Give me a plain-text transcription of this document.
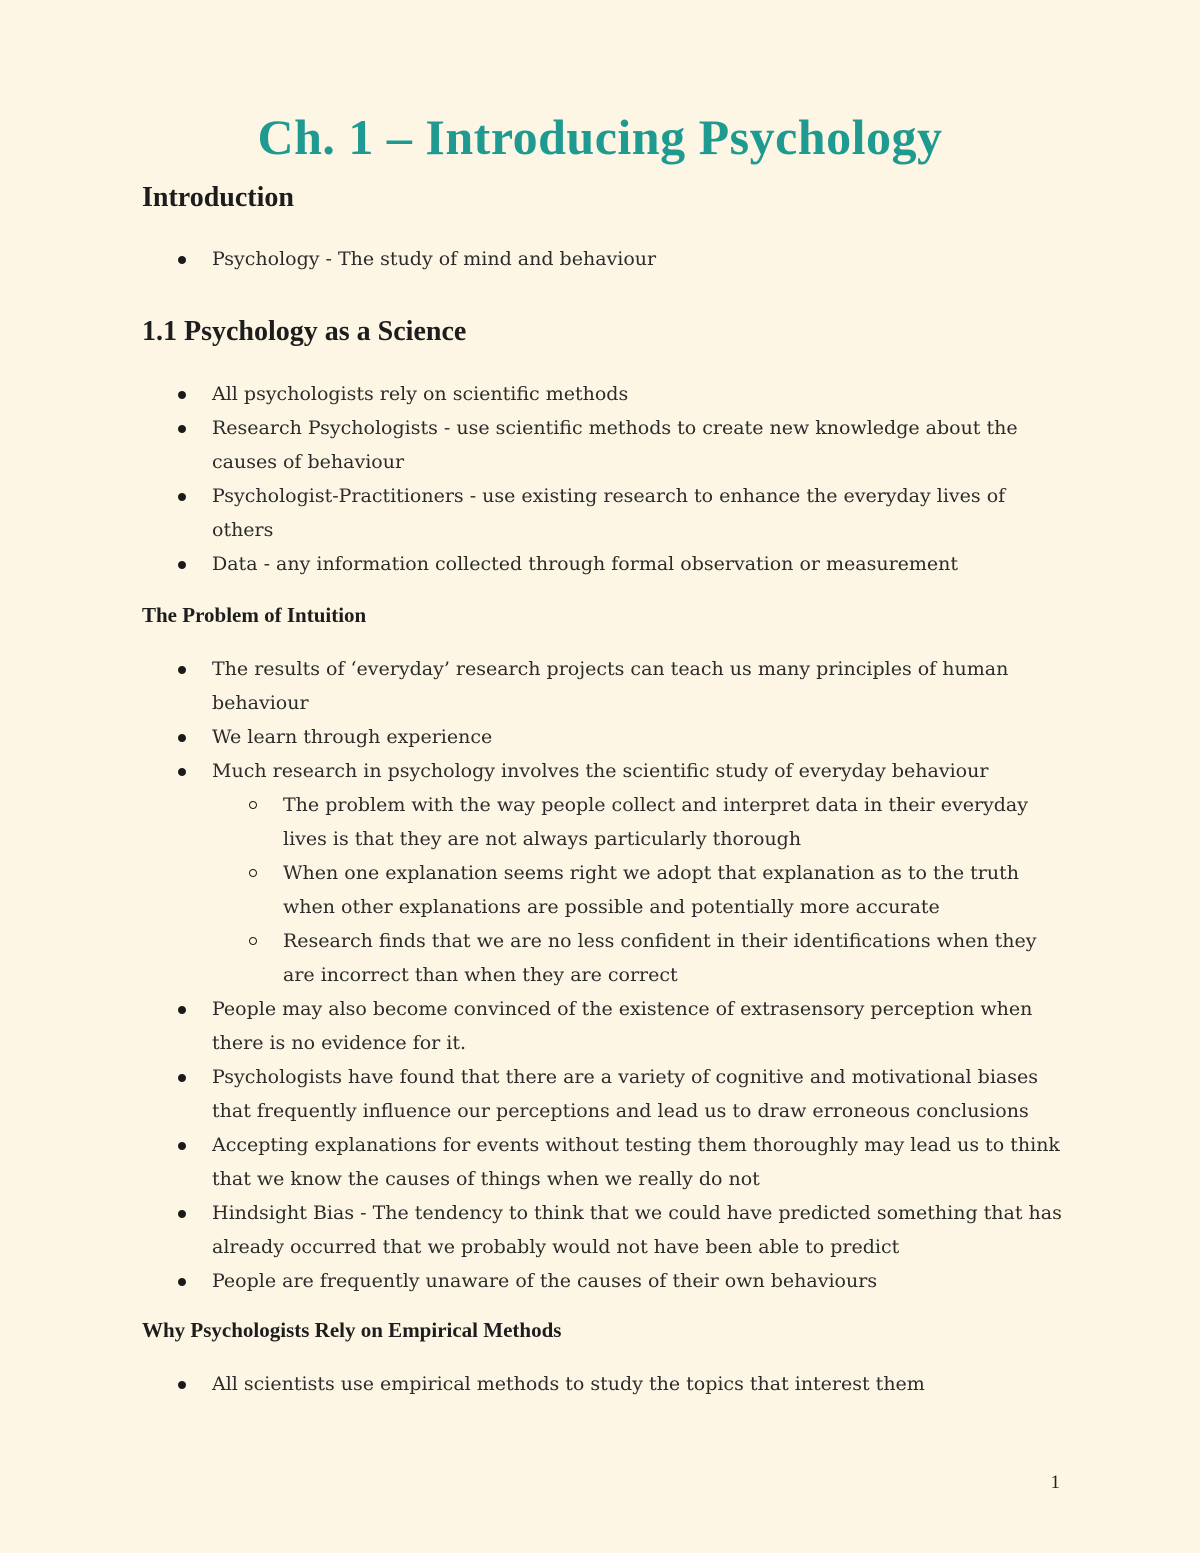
Ch. 1 – Introducing Psychology
Introduction
Psychology - The study of mind and behaviour
1.1 Psychology as a Science
All psychologists rely on scientific methods
Research Psychologists - use scientific methods to create new knowledge about the causes of behaviour
Psychologist-Practitioners - use existing research to enhance the everyday lives of others
Data - any information collected through formal observation or measurement
The Problem of Intuition
The results of ‘everyday’ research projects can teach us many principles of human behaviour
We learn through experience
Much research in psychology involves the scientific study of everyday behaviour
The problem with the way people collect and interpret data in their everyday lives is that they are not always particularly thorough
When one explanation seems right we adopt that explanation as to the truth when other explanations are possible and potentially more accurate
Research finds that we are no less confident in their identifications when they are incorrect than when they are correct
People may also become convinced of the existence of extrasensory perception when there is no evidence for it.
Psychologists have found that there are a variety of cognitive and motivational biases that frequently influence our perceptions and lead us to draw erroneous conclusions
Accepting explanations for events without testing them thoroughly may lead us to think that we know the causes of things when we really do not
Hindsight Bias - The tendency to think that we could have predicted something that has already occurred that we probably would not have been able to predict
People are frequently unaware of the causes of their own behaviours
Why Psychologists Rely on Empirical Methods
All scientists use empirical methods to study the topics that interest them
1
